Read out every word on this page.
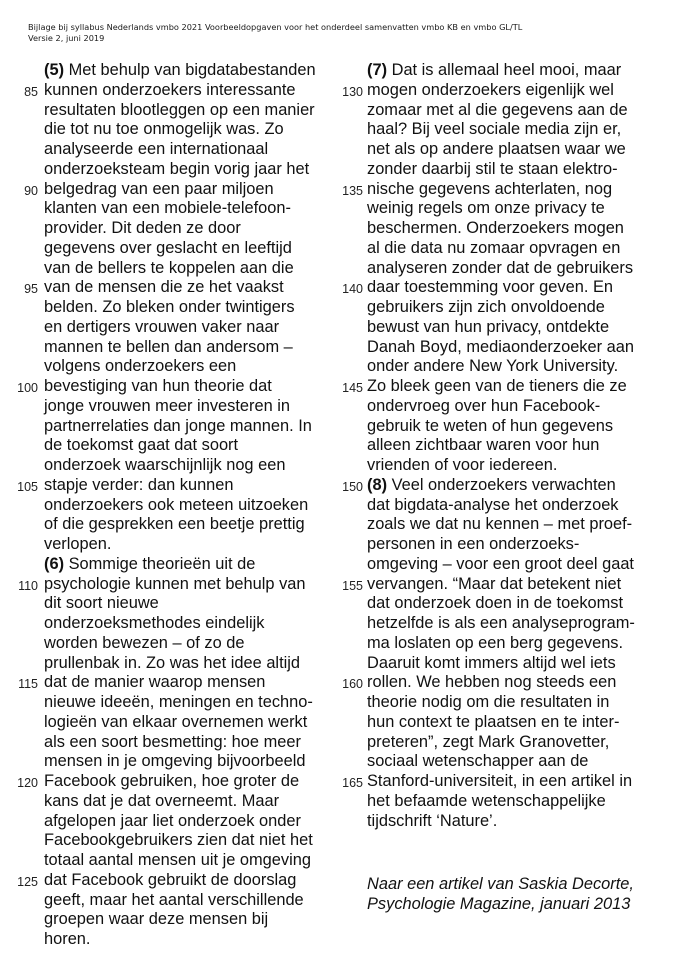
Bijlage bij syllabus Nederlands vmbo 2021 Voorbeeldopgaven voor het onderdeel samenvatten vmbo KB en vmbo GL/TL
Versie 2, juni 2019
(5) Met behulp van bigdatabestanden
85 kunnen onderzoekers interessante
resultaten blootleggen op een manier
die tot nu toe onmogelijk was. Zo
analyseerde een internationaal
onderzoeksteam begin vorig jaar het
90 belgedrag van een paar miljoen
klanten van een mobiele-telefoon-
provider. Dit deden ze door
gegevens over geslacht en leeftijd
van de bellers te koppelen aan die
95 van de mensen die ze het vaakst
belden. Zo bleken onder twintigers
en dertigers vrouwen vaker naar
mannen te bellen dan andersom –
volgens onderzoekers een
100 bevestiging van hun theorie dat
jonge vrouwen meer investeren in
partnerrelaties dan jonge mannen. In
de toekomst gaat dat soort
onderzoek waarschijnlijk nog een
105 stapje verder: dan kunnen
onderzoekers ook meteen uitzoeken
of die gesprekken een beetje prettig
verlopen.
(6) Sommige theorieën uit de
110 psychologie kunnen met behulp van
dit soort nieuwe
onderzoeksmethodes eindelijk
worden bewezen – of zo de
prullenbak in. Zo was het idee altijd
115 dat de manier waarop mensen
nieuwe ideeën, meningen en techno-
logieën van elkaar overnemen werkt
als een soort besmetting: hoe meer
mensen in je omgeving bijvoorbeeld
120 Facebook gebruiken, hoe groter de
kans dat je dat overneemt. Maar
afgelopen jaar liet onderzoek onder
Facebookgebruikers zien dat niet het
totaal aantal mensen uit je omgeving
125 dat Facebook gebruikt de doorslag
geeft, maar het aantal verschillende
groepen waar deze mensen bij
horen.
(7) Dat is allemaal heel mooi, maar
130 mogen onderzoekers eigenlijk wel
zomaar met al die gegevens aan de
haal? Bij veel sociale media zijn er,
net als op andere plaatsen waar we
zonder daarbij stil te staan elektro-
135 nische gegevens achterlaten, nog
weinig regels om onze privacy te
beschermen. Onderzoekers mogen
al die data nu zomaar opvragen en
analyseren zonder dat de gebruikers
140 daar toestemming voor geven. En
gebruikers zijn zich onvoldoende
bewust van hun privacy, ontdekte
Danah Boyd, mediaonderzoeker aan
onder andere New York University.
145 Zo bleek geen van de tieners die ze
ondervroeg over hun Facebook-
gebruik te weten of hun gegevens
alleen zichtbaar waren voor hun
vrienden of voor iedereen.
150 (8) Veel onderzoekers verwachten
dat bigdata-analyse het onderzoek
zoals we dat nu kennen – met proef-
personen in een onderzoeks-
omgeving – voor een groot deel gaat
155 vervangen. “Maar dat betekent niet
dat onderzoek doen in de toekomst
hetzelfde is als een analyseprogram-
ma loslaten op een berg gegevens.
Daaruit komt immers altijd wel iets
160 rollen. We hebben nog steeds een
theorie nodig om die resultaten in
hun context te plaatsen en te inter-
preteren”, zegt Mark Granovetter,
sociaal wetenschapper aan de
165 Stanford-universiteit, in een artikel in
het befaamde wetenschappelijke
tijdschrift ‘Nature’.
Naar een artikel van Saskia Decorte,
Psychologie Magazine, januari 2013
